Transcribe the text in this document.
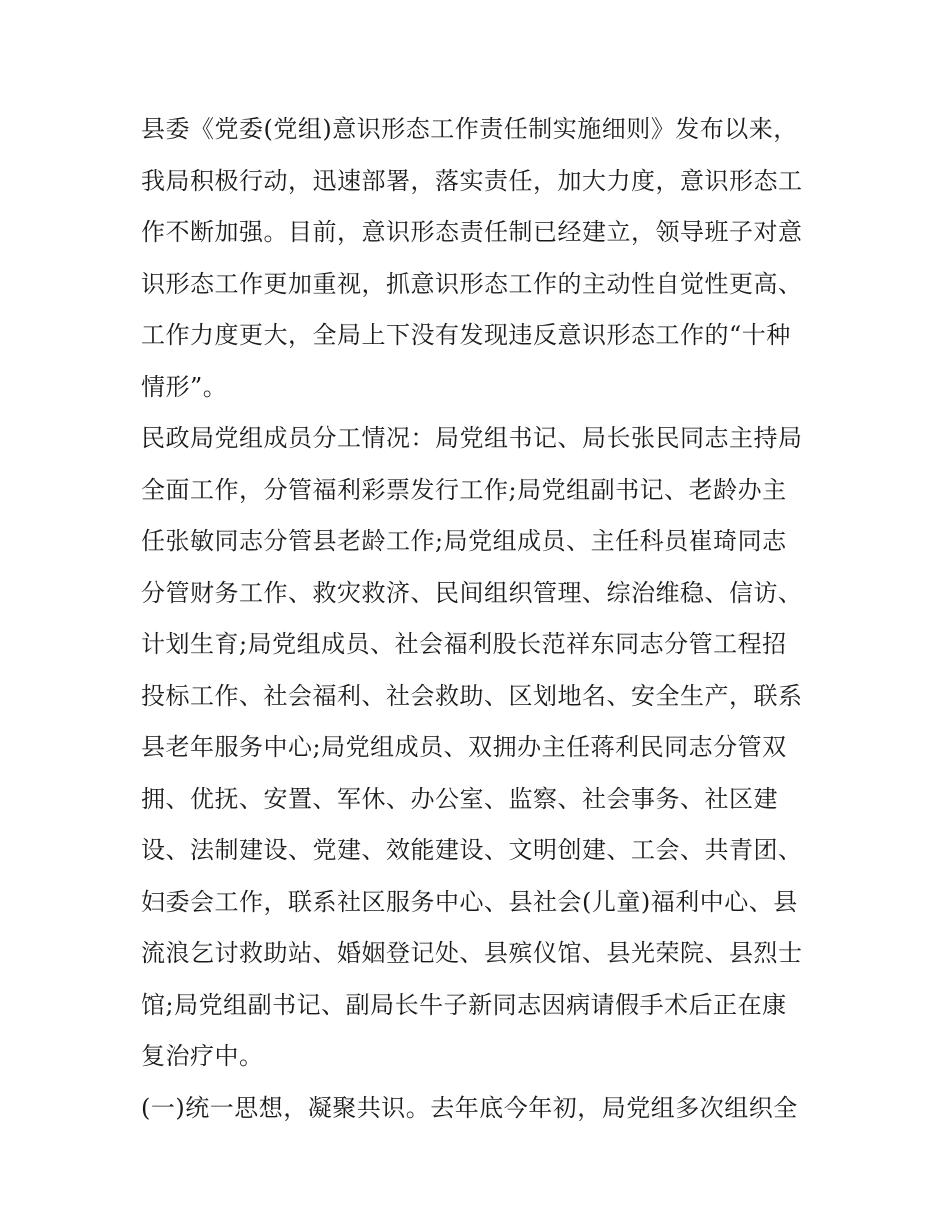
县委《党委(党组)意识形态工作责任制实施细则》发布以来，
我局积极行动，迅速部署，落实责任，加大力度，意识形态工
作不断加强。目前，意识形态责任制已经建立，领导班子对意
识形态工作更加重视，抓意识形态工作的主动性自觉性更高、
工作力度更大，全局上下没有发现违反意识形态工作的“十种
情形”。
民政局党组成员分工情况：局党组书记、局长张民同志主持局
全面工作，分管福利彩票发行工作;局党组副书记、老龄办主
任张敏同志分管县老龄工作;局党组成员、主任科员崔琦同志
分管财务工作、救灾救济、民间组织管理、综治维稳、信访、
计划生育;局党组成员、社会福利股长范祥东同志分管工程招
投标工作、社会福利、社会救助、区划地名、安全生产，联系
县老年服务中心;局党组成员、双拥办主任蒋利民同志分管双
拥、优抚、安置、军休、办公室、监察、社会事务、社区建
设、法制建设、党建、效能建设、文明创建、工会、共青团、
妇委会工作，联系社区服务中心、县社会(儿童)福利中心、县
流浪乞讨救助站、婚姻登记处、县殡仪馆、县光荣院、县烈士
馆;局党组副书记、副局长牛子新同志因病请假手术后正在康
复治疗中。
(一)统一思想，凝聚共识。去年底今年初，局党组多次组织全
